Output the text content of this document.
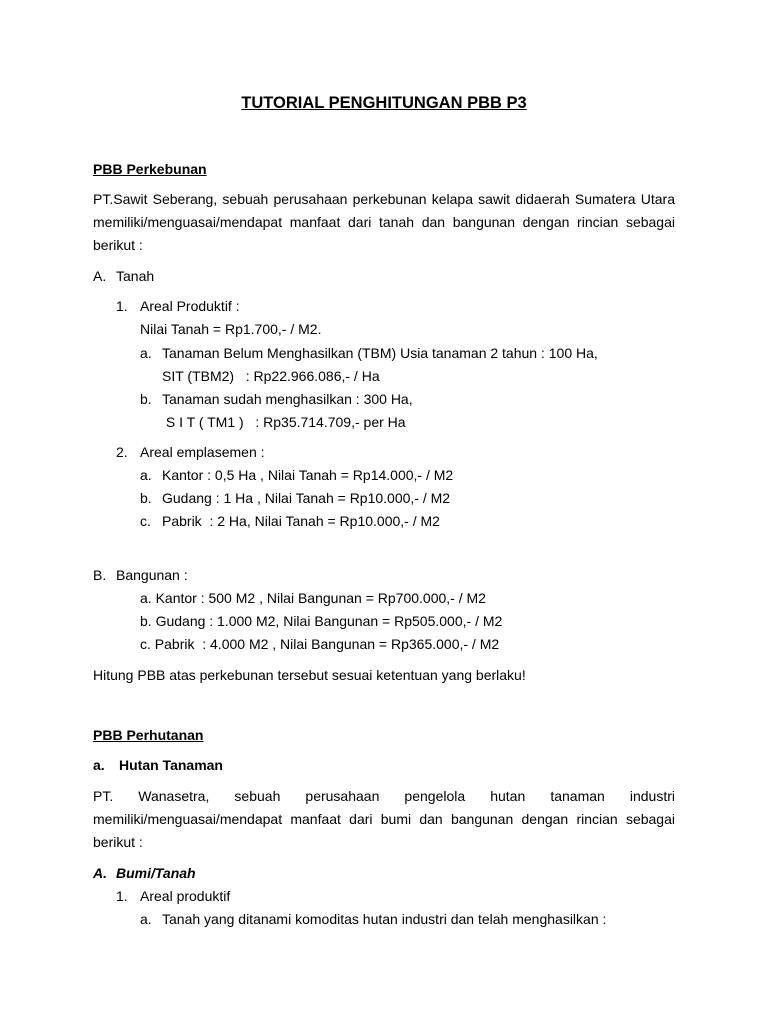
TUTORIAL PENGHITUNGAN PBB P3
PBB Perkebunan
PT.Sawit Seberang, sebuah perusahaan perkebunan kelapa sawit didaerah Sumatera Utara
memiliki/menguasai/mendapat manfaat dari tanah dan bangunan dengan rincian sebagai
berikut :
A. Tanah
1. Areal Produktif :
Nilai Tanah = Rp1.700,- / M2.
a. Tanaman Belum Menghasilkan (TBM) Usia tanaman 2 tahun : 100 Ha,
SIT (TBM2)   : Rp22.966.086,- / Ha
b. Tanaman sudah menghasilkan : 300 Ha,
S I T ( TM1 )   : Rp35.714.709,- per Ha
2. Areal emplasemen :
a. Kantor : 0,5 Ha , Nilai Tanah = Rp14.000,- / M2
b. Gudang : 1 Ha , Nilai Tanah = Rp10.000,- / M2
c. Pabrik  : 2 Ha, Nilai Tanah = Rp10.000,- / M2
B. Bangunan :
a. Kantor : 500 M2 , Nilai Bangunan = Rp700.000,- / M2
b. Gudang : 1.000 M2, Nilai Bangunan = Rp505.000,- / M2
c. Pabrik  : 4.000 M2 , Nilai Bangunan = Rp365.000,- / M2
Hitung PBB atas perkebunan tersebut sesuai ketentuan yang berlaku!
PBB Perhutanan
a. Hutan Tanaman
PT. Wanasetra, sebuah perusahaan pengelola hutan tanaman industri
memiliki/menguasai/mendapat manfaat dari bumi dan bangunan dengan rincian sebagai
berikut :
A. Bumi/Tanah
1. Areal produktif
a. Tanah yang ditanami komoditas hutan industri dan telah menghasilkan :
